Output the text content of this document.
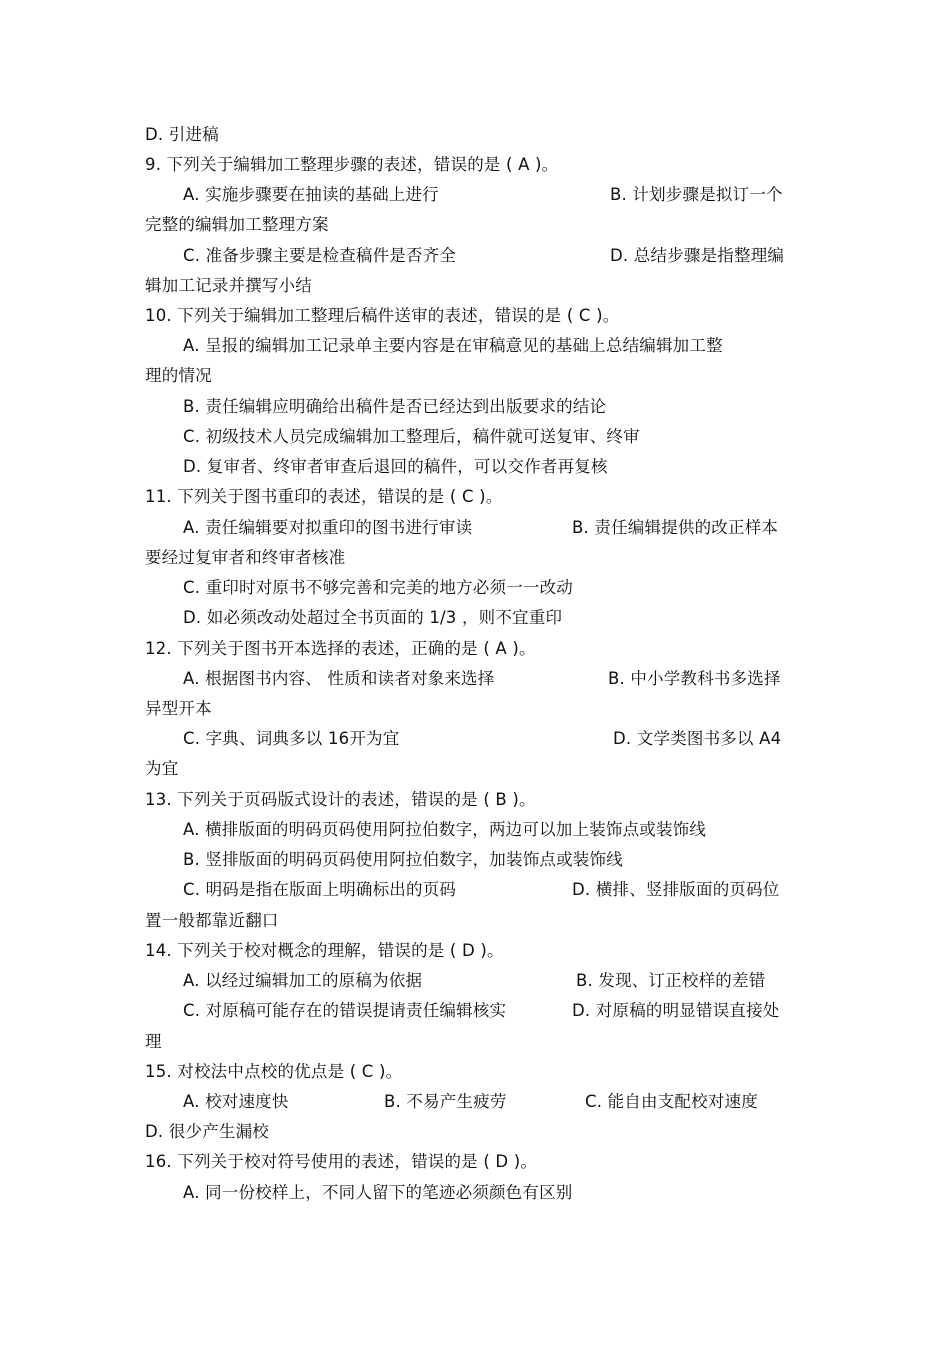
D. 引进稿
9. 下列关于编辑加工整理步骤的表述，错误的是 ( A )。
A. 实施步骤要在抽读的基础上进行	B. 计划步骤是拟订一个
完整的编辑加工整理方案
C. 准备步骤主要是检查稿件是否齐全	D. 总结步骤是指整理编
辑加工记录并撰写小结
10. 下列关于编辑加工整理后稿件送审的表述，错误的是 ( C )。
A. 呈报的编辑加工记录单主要内容是在审稿意见的基础上总结编辑加工整
理的情况
B. 责任编辑应明确给出稿件是否已经达到出版要求的结论
C. 初级技术人员完成编辑加工整理后，稿件就可送复审、终审
D. 复审者、终审者审查后退回的稿件，可以交作者再复核
11. 下列关于图书重印的表述，错误的是 ( C )。
A. 责任编辑要对拟重印的图书进行审读	B. 责任编辑提供的改正样本
要经过复审者和终审者核准
C. 重印时对原书不够完善和完美的地方必须一一改动
D. 如必须改动处超过全书页面的 1/3 ，则不宜重印
12. 下列关于图书开本选择的表述，正确的是 ( A )。
A. 根据图书内容、 性质和读者对象来选择	B. 中小学教科书多选择
异型开本
C. 字典、词典多以 16开为宜	D. 文学类图书多以 A4
为宜
13. 下列关于页码版式设计的表述，错误的是 ( B )。
A. 横排版面的明码页码使用阿拉伯数字，两边可以加上装饰点或装饰线
B. 竖排版面的明码页码使用阿拉伯数字，加装饰点或装饰线
C. 明码是指在版面上明确标出的页码	D. 横排、竖排版面的页码位
置一般都靠近翻口
14. 下列关于校对概念的理解，错误的是 ( D )。
A. 以经过编辑加工的原稿为依据	B. 发现、订正校样的差错
C. 对原稿可能存在的错误提请责任编辑核实	D. 对原稿的明显错误直接处
理
15. 对校法中点校的优点是 ( C )。
A. 校对速度快	B. 不易产生疲劳	C. 能自由支配校对速度
D. 很少产生漏校
16. 下列关于校对符号使用的表述，错误的是 ( D )。
A. 同一份校样上，不同人留下的笔迹必须颜色有区别
